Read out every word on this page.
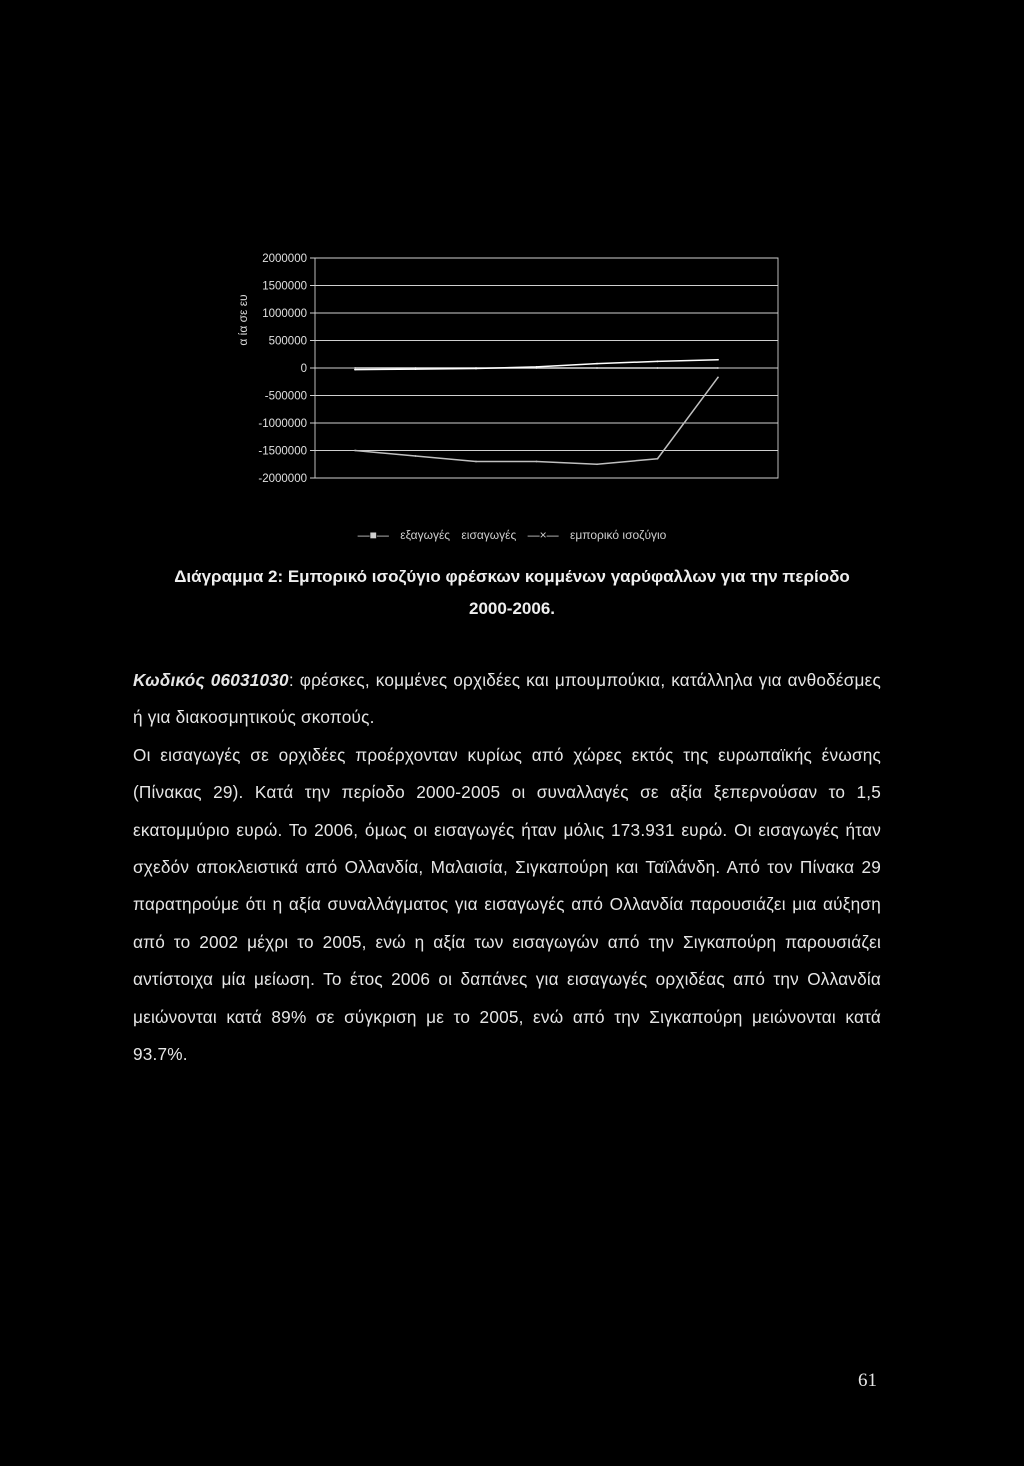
2000000
1500000
1000000
500000
0
-500000
-1000000
-1500000
-2000000
α ία σε ευ
—■— εξαγωγές εισαγωγές —×— εμπορικό ισοζύγιο
Διάγραμμα 2: Εμπορικό ισοζύγιο φρέσκων κομμένων γαρύφαλλων για την περίοδο
2000-2006.

Κωδικός 06031030: φρέσκες, κομμένες ορχιδέες και μπουμπούκια, κατάλληλα για ανθοδέσμες ή για διακοσμητικούς σκοπούς.

Οι εισαγωγές σε ορχιδέες προέρχονταν κυρίως από χώρες εκτός της ευρωπαϊκής ένωσης (Πίνακας 29). Κατά την περίοδο 2000-2005 οι συναλλαγές σε αξία ξεπερνούσαν το 1,5 εκατομμύριο ευρώ. Το 2006, όμως οι εισαγωγές ήταν μόλις 173.931 ευρώ. Οι εισαγωγές ήταν σχεδόν αποκλειστικά από Ολλανδία, Μαλαισία, Σιγκαπούρη και Ταϊλάνδη. Από τον Πίνακα 29 παρατηρούμε ότι η αξία συναλλάγματος για εισαγωγές από Ολλανδία παρουσιάζει μια αύξηση από το 2002 μέχρι το 2005, ενώ η αξία των εισαγωγών από την Σιγκαπούρη παρουσιάζει αντίστοιχα μία μείωση. Το έτος 2006 οι δαπάνες για εισαγωγές ορχιδέας από την Ολλανδία μειώνονται κατά 89% σε σύγκριση με το 2005, ενώ από την Σιγκαπούρη μειώνονται κατά 93.7%.

61
